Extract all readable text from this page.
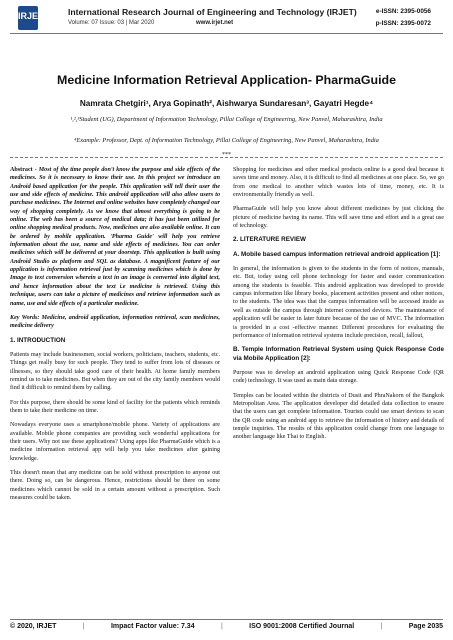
IRJET	International Research Journal of Engineering and Technology (IRJET)
Volume: 07 Issue: 03 | Mar 2020	www.irjet.net
e-ISSN: 2395-0056
p-ISSN: 2395-0072
Medicine Information Retrieval Application- PharmaGuide
Namrata Chetgiri¹, Arya Gopinath², Aishwarya Sundaresan³, Gayatri Hegde⁴
¹,²,³Student (UG), Department of Information Technology, Pillai College of Engineering, New Panvel, Maharashtra, India
⁴Example: Professor, Dept. of Information Technology, Pillai College of Engineering, New Panvel, Maharashtra, India
***

Abstract - Most of the time people don't know the purpose and side effects of the medicines. So it is necessary to know their use. In this project we introduce an Android based application for the people. This application will tell their user the use and side effects of medicine. This android application will also allow users to purchase medicines. The Internet and online websites have completely changed our way of shopping completely. As we know that almost everything is going to be online. The web has been a source of medical data; it has just been utilized for online shopping medical products. Now, medicines are also available online. It can be ordered by mobile application. 'Pharma Guide' will help you retrieve information about the use, name and side effects of medicines. You can order medicines which will be delivered at your doorstep. This application is built using Android Studio as platform and SQL as database. A magnificent feature of our application is information retrieval just by scanning medicines which is done by Image to text conversion wherein a text in an image is converted into digital text, and hence information about the text i.e medicine is retrieved. Using this technique, users can take a picture of medicines and retrieve information such as name, use and side effects of a particular medicine.

Key Words: Medicine, android application, information retrieval, scan medicines, medicine delivery

1. INTRODUCTION

Patients may include businessmen, social workers, politicians, teachers, students, etc. Things get really busy for such people. They tend to suffer from lots of diseases or illnesses, so they should take good care of their health. At home family members remind us to take medicines. But when they are out of the city family members would find it difficult to remind them by calling.

For this purpose, there should be some kind of facility for the patients which reminds them to take their medicine on time.

Nowadays everyone uses a smartphone/mobile phone. Variety of applications are available. Mobile phone companies are providing such wonderful applications for their users. Why not use these applications? Using apps like PharmaGuide which is a medicine information retrieval app will help you take medicines after gaining knowledge.

This doesn't mean that any medicine can be sold without prescription to anyone out there. Doing so, can be dangerous. Hence, restrictions should be there on some medicines which cannot be sold in a certain amount without a prescription. Such measures could be taken.

Shopping for medicines and other medical products online is a good deal because it saves time and money. Also, it is difficult to find all medicines at one place. So, we go from one medical to another which wastes lots of time, money, etc. It is environmentally friendly as well.

PharmaGuide will help you know about different medicines by just clicking the picture of medicine having its name. This will save time and effort and is a great use of technology.

2. LITERATURE REVIEW

A. Mobile based campus information retrieval android application [1]:

In general, the information is given to the students in the form of notices, manuals, etc. But, today using cell phone technology for faster and easier communication among the students is feasible. This android application was developed to provide campus information like library books, placement activities present and other notices, to the students. The idea was that the campus information will be accessed inside as well as outside the campus through internet connected devices. The maintenance of application will be easier in later future because of the use of MVC. The information is provided in a cost -effective manner. Different procedures for evaluating the performance of information retrieval systems include precision, recall, fallout,

B. Temple Information Retrieval System using Quick Response Code via Mobile Application [2]:

Purpose was to develop an android application using Quick Response Code (QR code) technology. It was used as main data storage.

Temples can be located within the districts of Dusit and PhraNakorn of the Bangkok Metropolitan Area. The application developer did detailed data collection to ensure that the users can get complete information. Tourists could use smart devices to scan the QR code using an android app to retrieve the information of history and details of temple inquiries. The results of this application could change from one language to another language like Thai to English.

© 2020, IRJET	|	Impact Factor value: 7.34	|	ISO 9001:2008 Certified Journal	|	Page 2035
